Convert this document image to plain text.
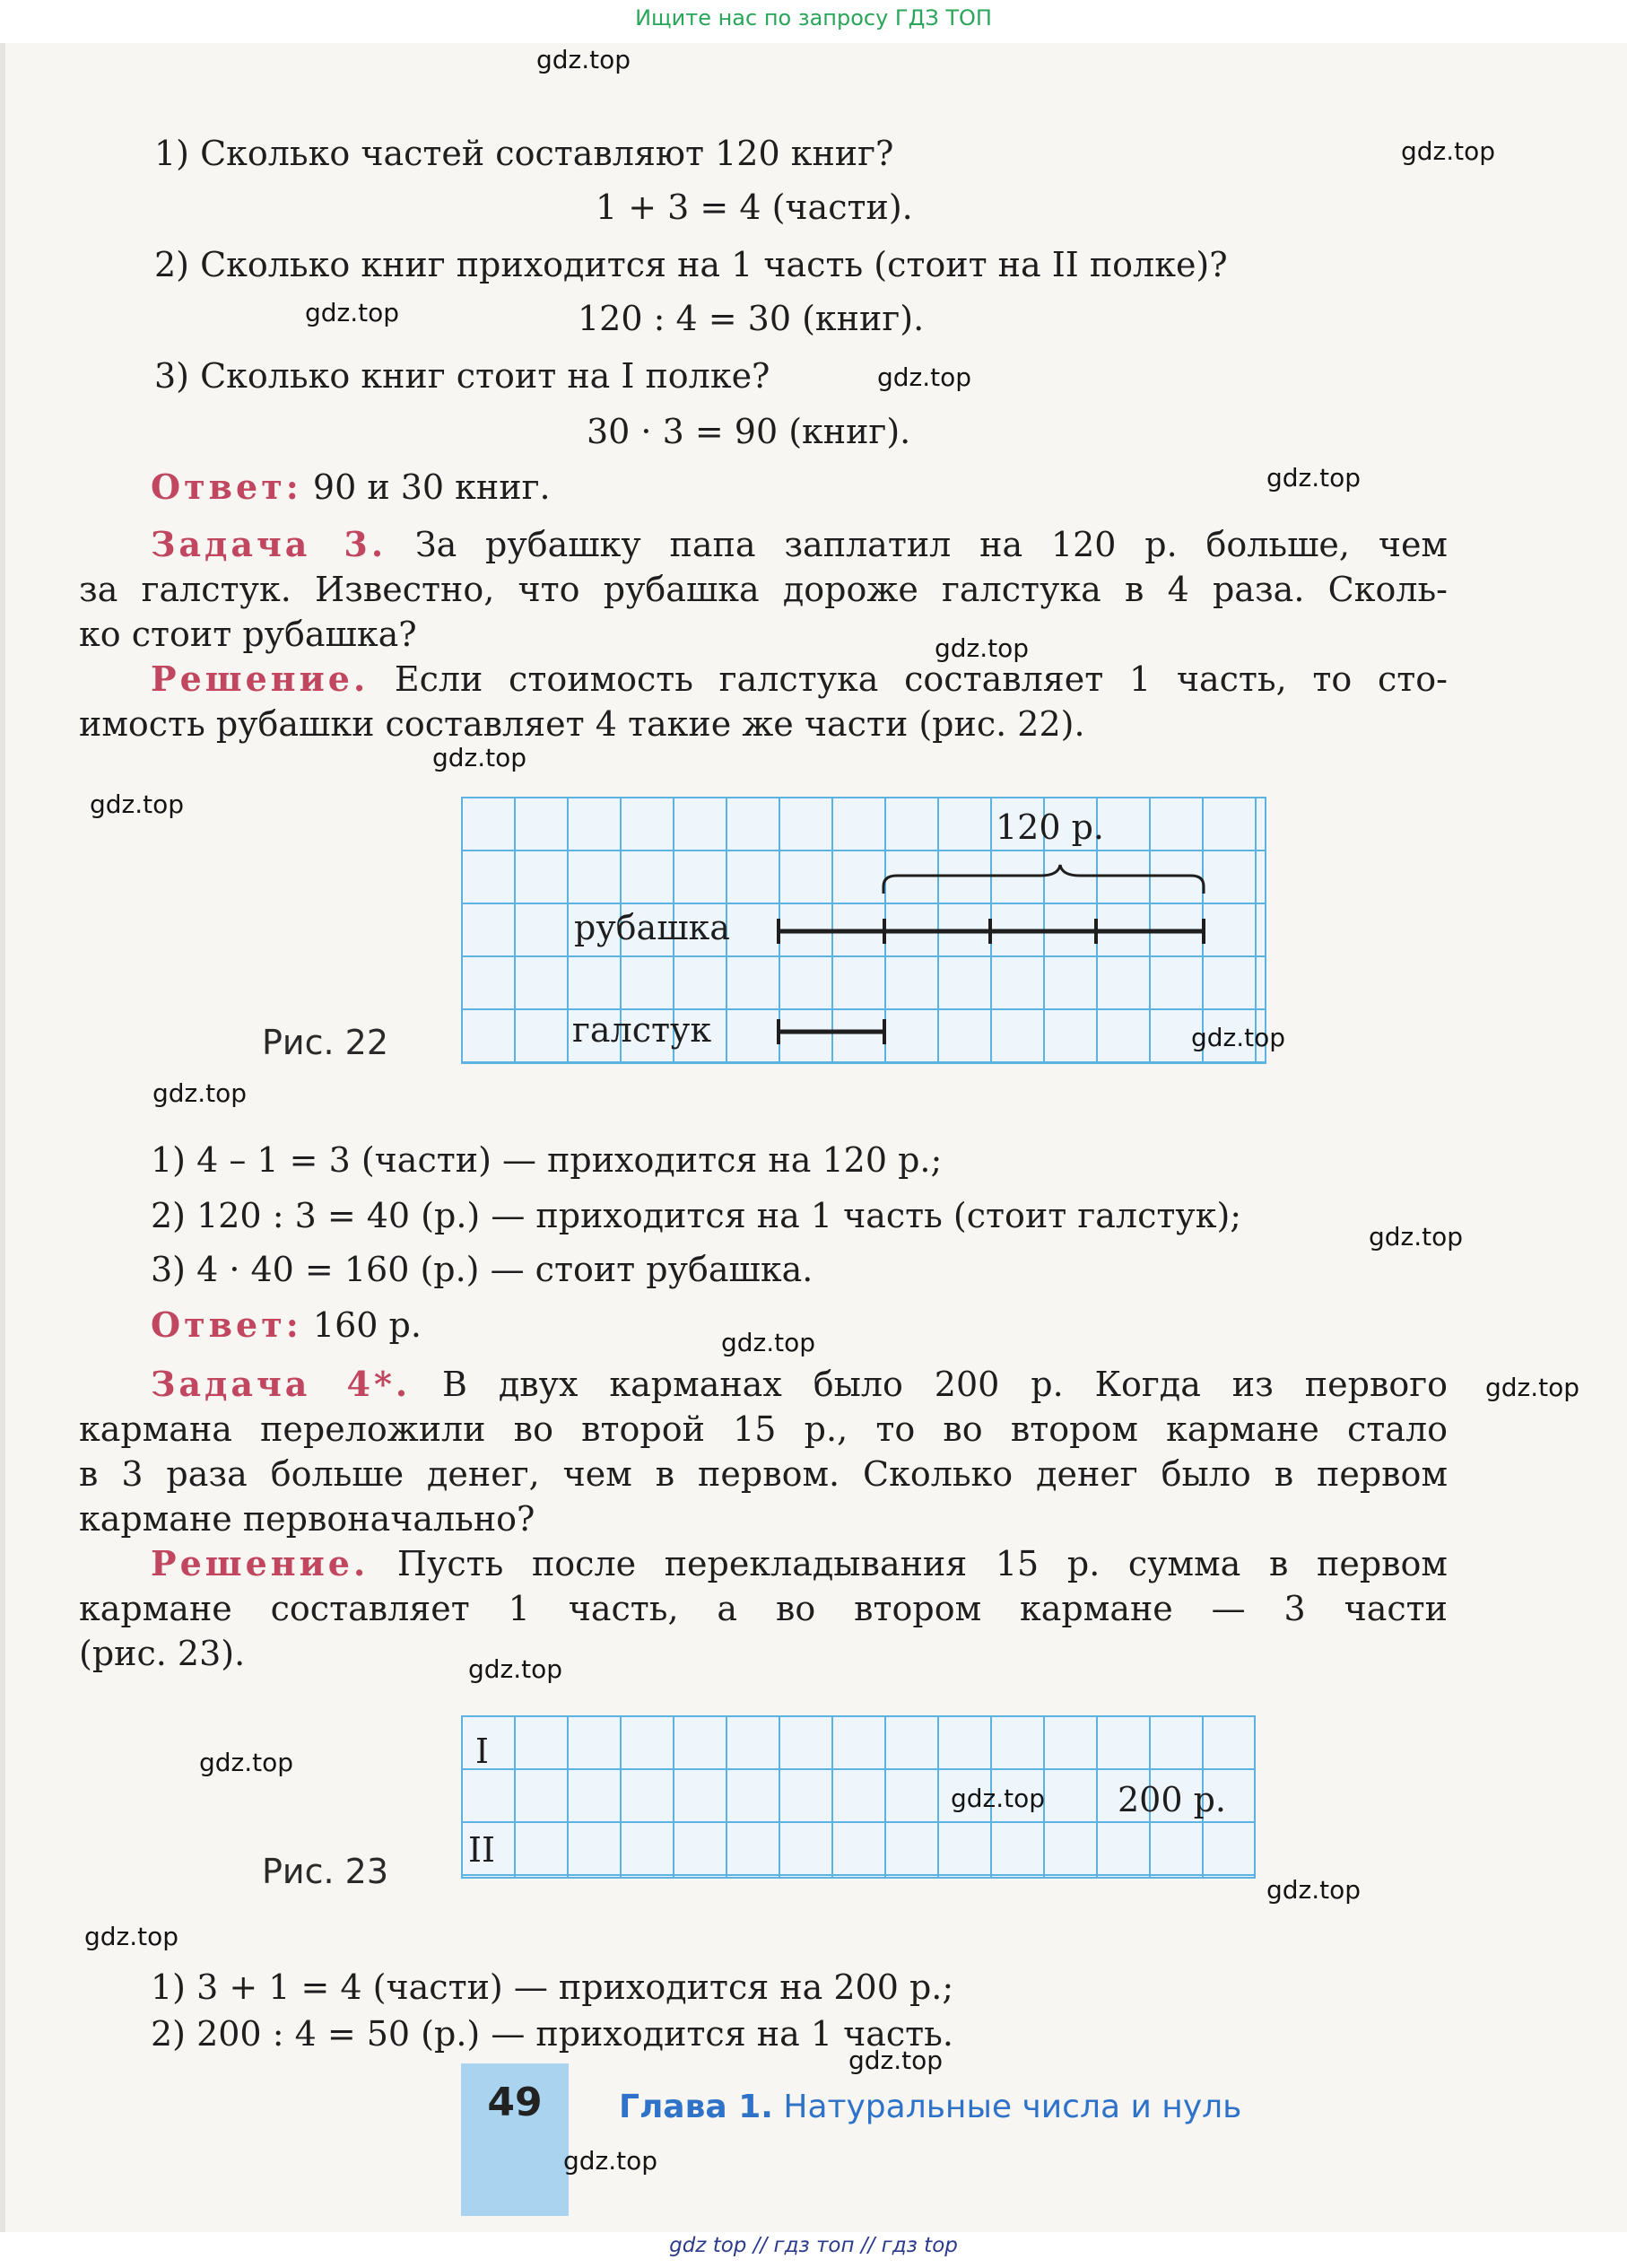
Ищите нас по запросу ГДЗ ТОП
1) Сколько частей составляют 120 книг?
1 + 3 = 4 (части).
2) Сколько книг приходится на 1 часть (стоит на II полке)?
120 : 4 = 30 (книг).
3) Сколько книг стоит на I полке?
30 · 3 = 90 (книг).
Ответ: 90 и 30 книг.
Задача 3. За рубашку папа заплатил на 120 р. больше, чем
за галстук. Известно, что рубашка дороже галстука в 4 раза. Сколь-
ко стоит рубашка?
Решение. Если стоимость галстука составляет 1 часть, то сто-
имость рубашки составляет 4 такие же части (рис. 22).
120 р.
рубашка
галстук
Рис. 22
1) 4 – 1 = 3 (части) — приходится на 120 р.;
2) 120 : 3 = 40 (р.) — приходится на 1 часть (стоит галстук);
3) 4 · 40 = 160 (р.) — стоит рубашка.
Ответ: 160 р.
Задача 4*. В двух карманах было 200 р. Когда из первого
кармана переложили во второй 15 р., то во втором кармане стало
в 3 раза больше денег, чем в первом. Сколько денег было в первом
кармане первоначально?
Решение. Пусть после перекладывания 15 р. сумма в первом
кармане составляет 1 часть, а во втором кармане — 3 части
(рис. 23).
I
II
200 р.
Рис. 23
1) 3 + 1 = 4 (части) — приходится на 200 р.;
2) 200 : 4 = 50 (р.) — приходится на 1 часть.
49	Глава 1. Натуральные числа и нуль
gdz.top
gdz.top
gdz.top
gdz.top
gdz.top
gdz.top
gdz.top
gdz.top
gdz.top
gdz.top
gdz.top
gdz.top
gdz.top
gdz.top
gdz.top
gdz.top
gdz.top
gdz.top
gdz.top
gdz.top
gdz top // гдз топ // гдз top
